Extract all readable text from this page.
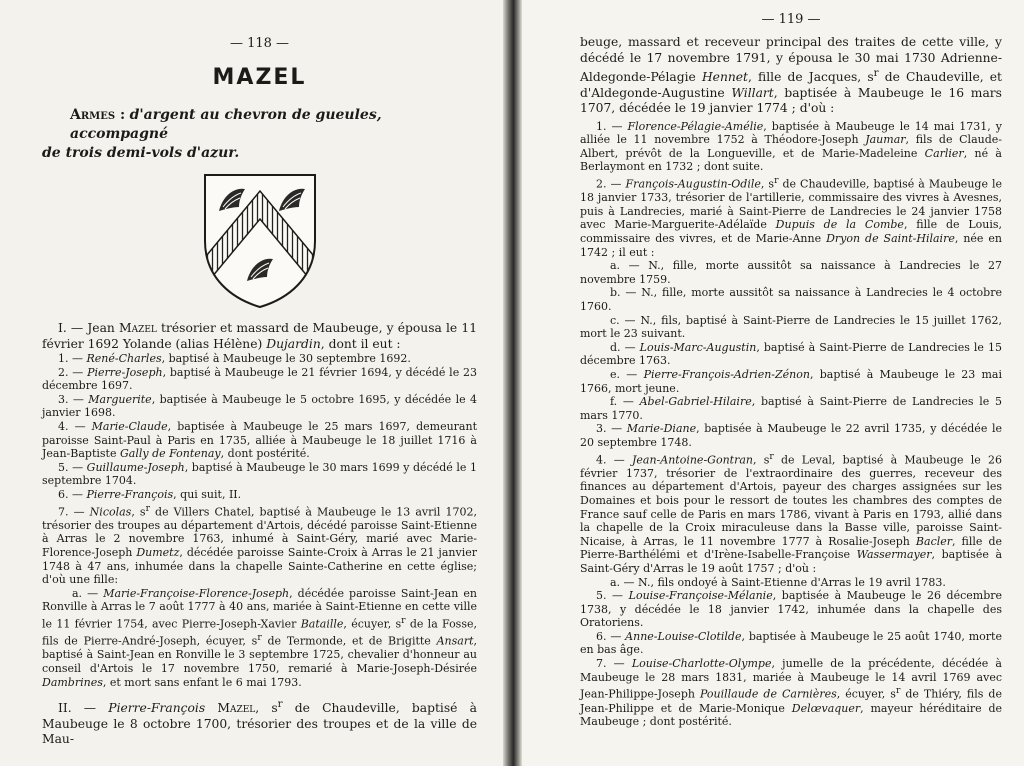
— 118 —
MAZEL
Armes : d'argent au chevron de gueules, accompagné
de trois demi-vols d'azur.

I. — Jean Mazel trésorier et massard de Maubeuge, y épousa le 11 février 1692 Yolande (alias Hélène) Dujardin, dont il eut :

1. — René-Charles, baptisé à Maubeuge le 30 septembre 1692.

2. — Pierre-Joseph, baptisé à Maubeuge le 21 février 1694, y décédé le 23 décembre 1697.

3. — Marguerite, baptisée à Maubeuge le 5 octobre 1695, y décédée le 4 janvier 1698.

4. — Marie-Claude, baptisée à Maubeuge le 25 mars 1697, demeurant paroisse Saint-Paul à Paris en 1735, alliée à Maubeuge le 18 juillet 1716 à Jean-Baptiste Gally de Fontenay, dont postérité.

5. — Guillaume-Joseph, baptisé à Maubeuge le 30 mars 1699 y décédé le 1 septembre 1704.

6. — Pierre-François, qui suit, II.

7. — Nicolas, $s^r$ de Villers Chatel, baptisé à Maubeuge le 13 avril 1702, trésorier des troupes au département d'Artois, décédé paroisse Saint-Etienne à Arras le 2 novembre 1763, inhumé à Saint-Géry, marié avec Marie-Florence-Joseph Dumetz, décédée paroisse Sainte-Croix à Arras le 21 janvier 1748 à 47 ans, inhumée dans la chapelle Sainte-Catherine en cette église; d'où une fille:

a. — Marie-Françoise-Florence-Joseph, décédée paroisse Saint-Jean en Ronville à Arras le 7 août 1777 à 40 ans, mariée à Saint-Etienne en cette ville le 11 février 1754, avec Pierre-Joseph-Xavier Bataille, écuyer, $s^r$ de la Fosse, fils de Pierre-André-Joseph, écuyer, $s^r$ de Termonde, et de Brigitte Ansart, baptisé à Saint-Jean en Ronville le 3 septembre 1725, chevalier d'honneur au conseil d'Artois le 17 novembre 1750, remarié à Marie-Joseph-Désirée Dambrines, et mort sans enfant le 6 mai 1793.

II. — Pierre-François Mazel, $s^r$ de Chaudeville, baptisé à Maubeuge le 8 octobre 1700, trésorier des troupes et de la ville de Mau-

— 119 —

beuge, massard et receveur principal des traites de cette ville, y décédé le 17 novembre 1791, y épousa le 30 mai 1730 Adrienne-Aldegonde-Pélagie Hennet, fille de Jacques, $s^r$ de Chaudeville, et d'Aldegonde-Augustine Willart, baptisée à Maubeuge le 16 mars 1707, décédée le 19 janvier 1774 ; d'où :

1. — Florence-Pélagie-Amélie, baptisée à Maubeuge le 14 mai 1731, y alliée le 11 novembre 1752 à Théodore-Joseph Jaumar, fils de Claude-Albert, prévôt de la Longueville, et de Marie-Madeleine Carlier, né à Berlaymont en 1732 ; dont suite.

2. — François-Augustin-Odile, $s^r$ de Chaudeville, baptisé à Maubeuge le 18 janvier 1733, trésorier de l'artillerie, commissaire des vivres à Avesnes, puis à Landrecies, marié à Saint-Pierre de Landrecies le 24 janvier 1758 avec Marie-Marguerite-Adélaïde Dupuis de la Combe, fille de Louis, commissaire des vivres, et de Marie-Anne Dryon de Saint-Hilaire, née en 1742 ; il eut :

a. — N., fille, morte aussitôt sa naissance à Landrecies le 27 novembre 1759.

b. — N., fille, morte aussitôt sa naissance à Landrecies le 4 octobre 1760.

c. — N., fils, baptisé à Saint-Pierre de Landrecies le 15 juillet 1762, mort le 23 suivant.

d. — Louis-Marc-Augustin, baptisé à Saint-Pierre de Landrecies le 15 décembre 1763.

e. — Pierre-François-Adrien-Zénon, baptisé à Maubeuge le 23 mai 1766, mort jeune.

f. — Abel-Gabriel-Hilaire, baptisé à Saint-Pierre de Landrecies le 5 mars 1770.

3. — Marie-Diane, baptisée à Maubeuge le 22 avril 1735, y décédée le 20 septembre 1748.

4. — Jean-Antoine-Gontran, $s^r$ de Leval, baptisé à Maubeuge le 26 février 1737, trésorier de l'extraordinaire des guerres, receveur des finances au département d'Artois, payeur des charges assignées sur les Domaines et bois pour le ressort de toutes les chambres des comptes de France sauf celle de Paris en mars 1786, vivant à Paris en 1793, allié dans la chapelle de la Croix miraculeuse dans la Basse ville, paroisse Saint-Nicaise, à Arras, le 11 novembre 1777 à Rosalie-Joseph Bacler, fille de Pierre-Barthélémi et d'Irène-Isabelle-Françoise Wassermayer, baptisée à Saint-Géry d'Arras le 19 août 1757 ; d'où :

a. — N., fils ondoyé à Saint-Etienne d'Arras le 19 avril 1783.

5. — Louise-Françoise-Mélanie, baptisée à Maubeuge le 26 décembre 1738, y décédée le 18 janvier 1742, inhumée dans la chapelle des Oratoriens.

6. — Anne-Louise-Clotilde, baptisée à Maubeuge le 25 août 1740, morte en bas âge.

7. — Louise-Charlotte-Olympe, jumelle de la précédente, décédée à Maubeuge le 28 mars 1831, mariée à Maubeuge le 14 avril 1769 avec Jean-Philippe-Joseph Pouillaude de Carnières, écuyer, $s^r$ de Thiéry, fils de Jean-Philippe et de Marie-Monique Delœvaquer, mayeur héréditaire de Maubeuge ; dont postérité.
